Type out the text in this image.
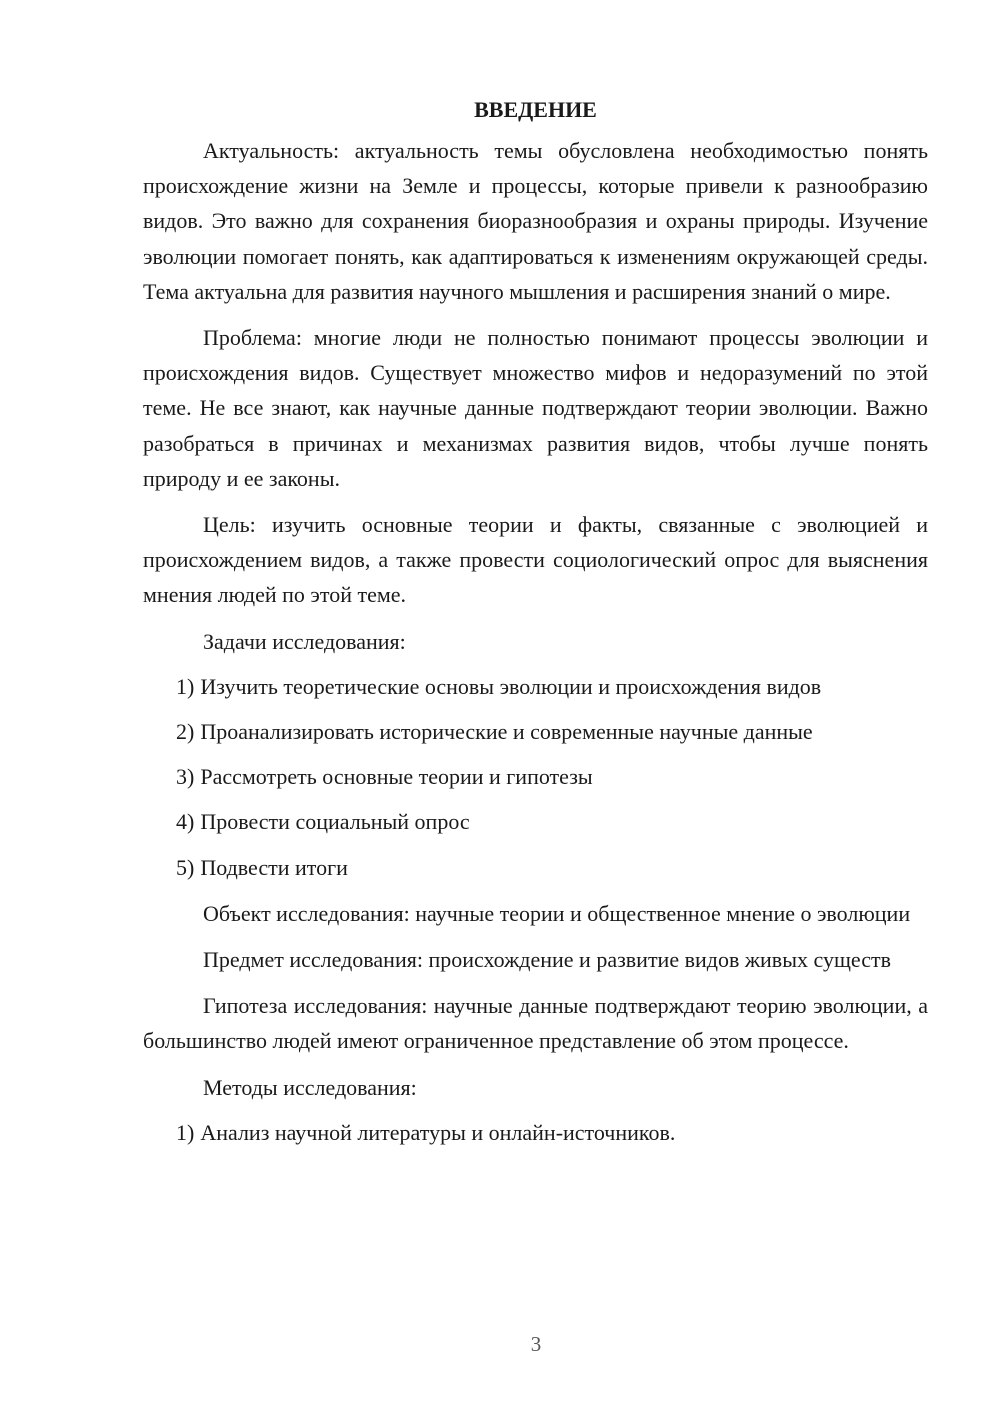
ВВЕДЕНИЕ

Актуальность: актуальность темы обусловлена необходимостью понять происхождение жизни на Земле и процессы, которые привели к разнообразию видов. Это важно для сохранения биоразнообразия и охраны природы. Изучение эволюции помогает понять, как адаптироваться к изменениям окружающей среды. Тема актуальна для развития научного мышления и расширения знаний о мире.

Проблема: многие люди не полностью понимают процессы эволюции и происхождения видов. Существует множество мифов и недоразумений по этой теме. Не все знают, как научные данные подтверждают теории эволюции. Важно разобраться в причинах и механизмах развития видов, чтобы лучше понять природу и ее законы.

Цель: изучить основные теории и факты, связанные с эволюцией и происхождением видов, а также провести социологический опрос для выяснения мнения людей по этой теме.

Задачи исследования:

1) Изучить теоретические основы эволюции и происхождения видов
2) Проанализировать исторические и современные научные данные
3) Рассмотреть основные теории и гипотезы
4) Провести социальный опрос
5) Подвести итоги

Объект исследования: научные теории и общественное мнение о эволюции

Предмет исследования: происхождение и развитие видов живых существ

Гипотеза исследования: научные данные подтверждают теорию эволюции, а большинство людей имеют ограниченное представление об этом процессе.

Методы исследования:

1) Анализ научной литературы и онлайн-источников.
3
